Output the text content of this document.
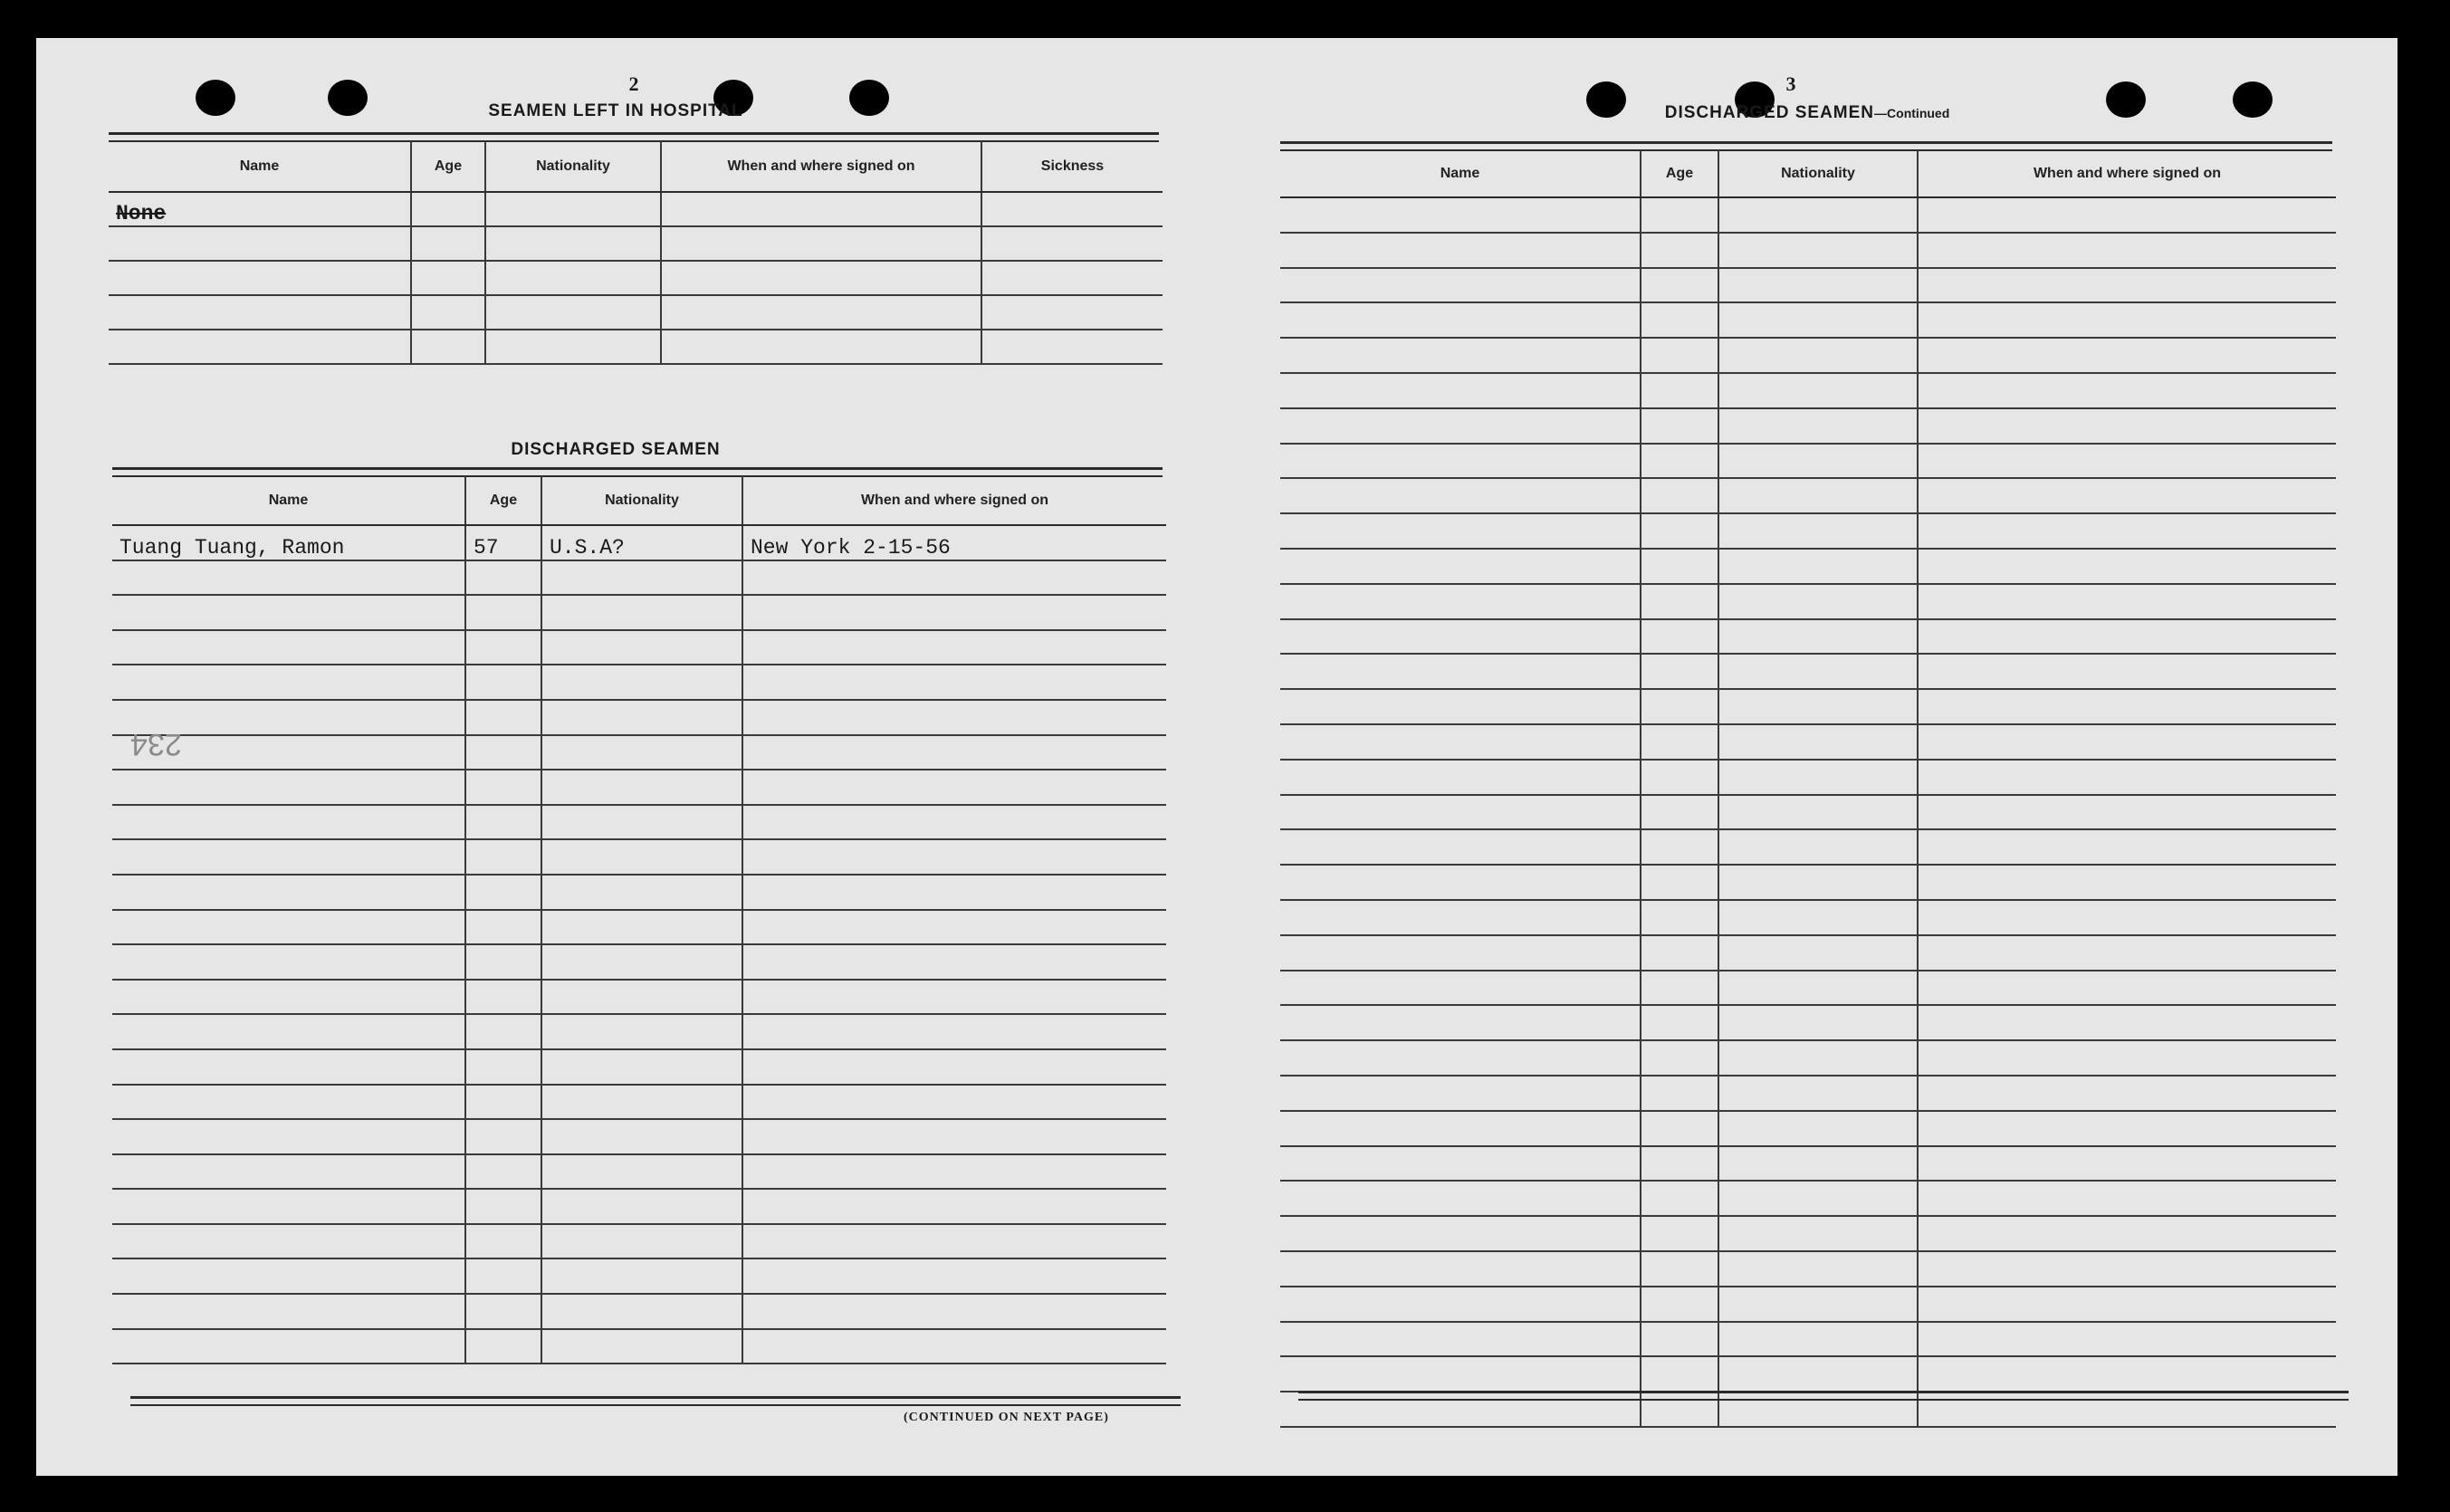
2
SEAMEN LEFT IN HOSPITAL
Name	Age	Nationality	When and where signed on	Sickness
None				

DISCHARGED SEAMEN
Name	Age	Nationality	When and where signed on
Tuang Tuang, Ramon	57	U.S.A?	New York 2-15-56

(CONTINUED ON NEXT PAGE)
234
3
DISCHARGED SEAMEN—Continued
Name	Age	Nationality	When and where signed on
